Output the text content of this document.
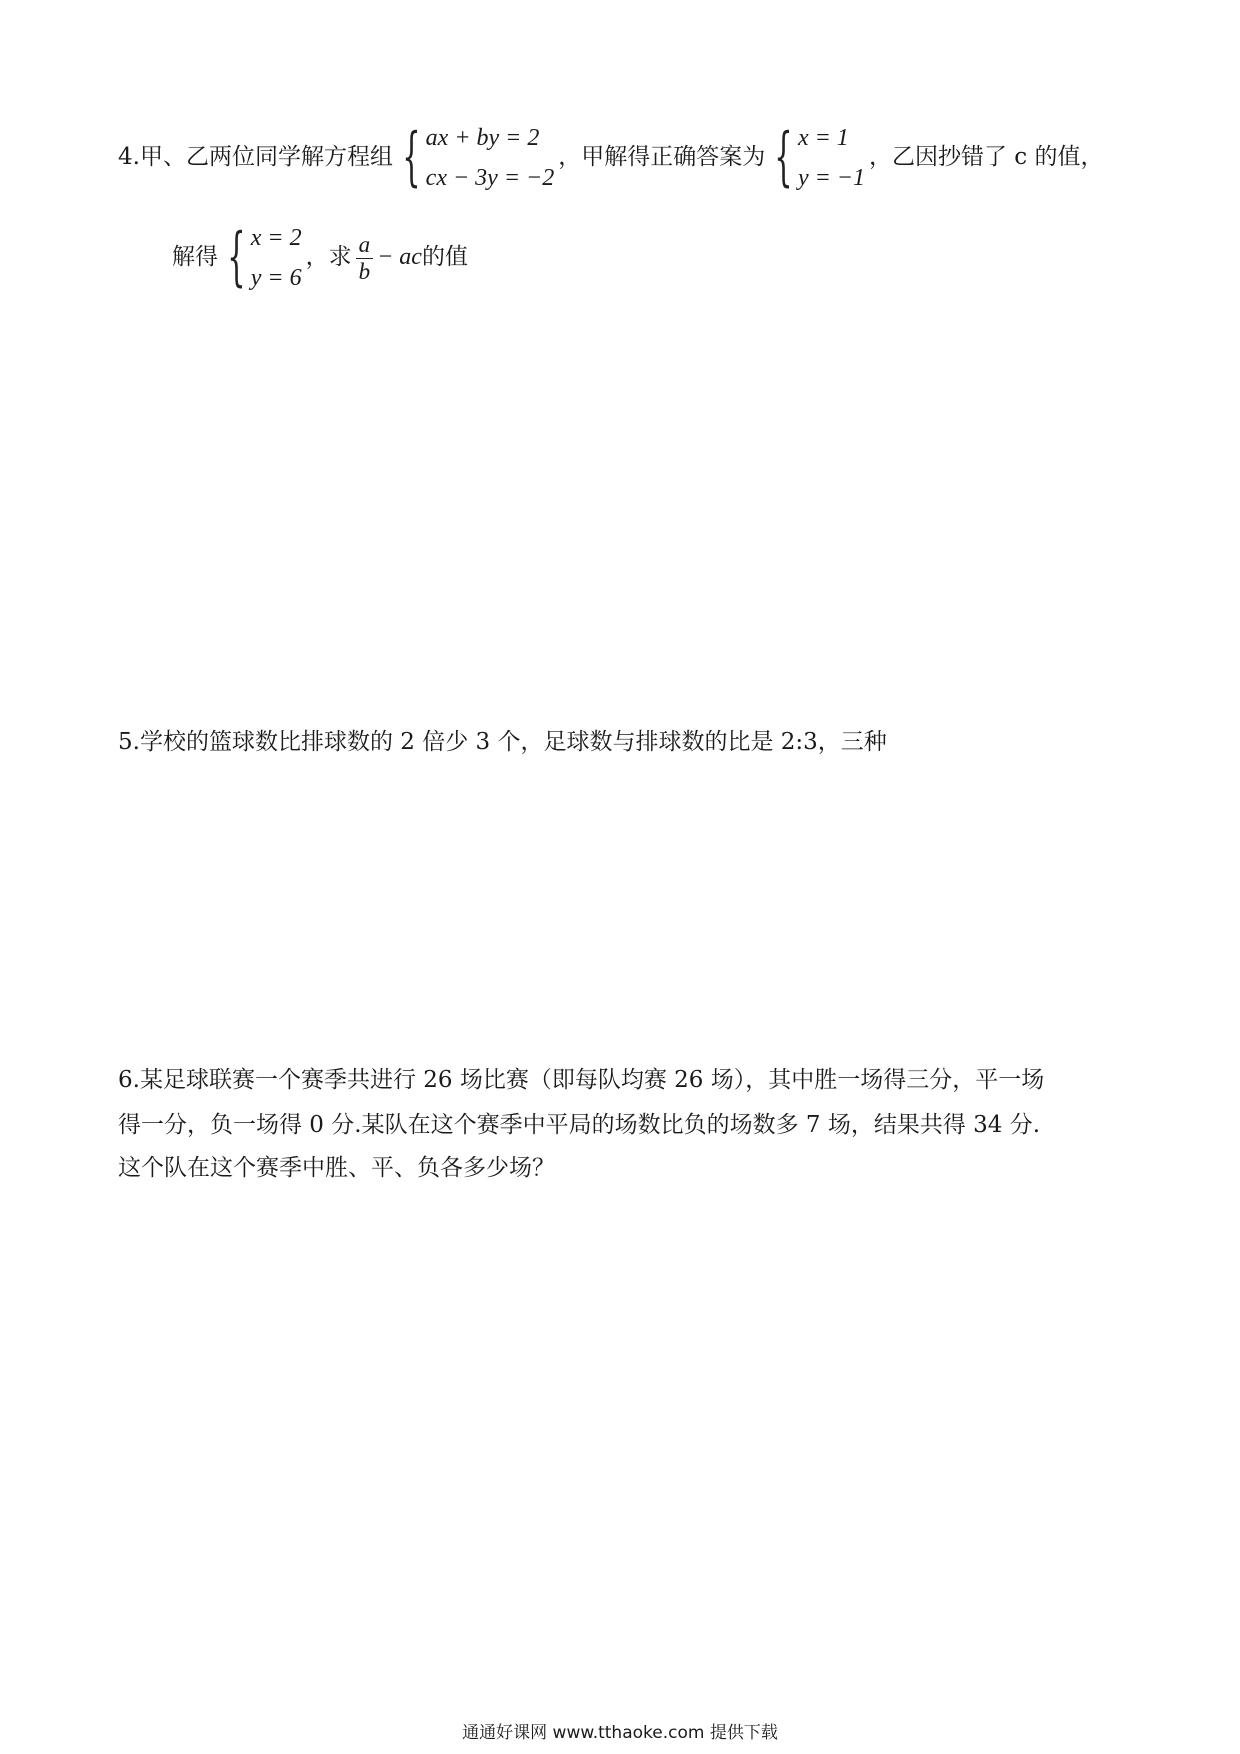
4.甲、乙两位同学解方程组 { ax + by = 2
cx − 3y = −2
，甲解得正确答案为 { x = 1
y = −1
，乙因抄错了 c 的值，
解得 { x = 2
y = 6
，求 $\frac{a}{b}$ − ac 的值
5.学校的篮球数比排球数的 2 倍少 3 个，足球数与排球数的比是 2:3，三种
6.某足球联赛一个赛季共进行 26 场比赛（即每队均赛 26 场），其中胜一场得三分，平一场
得一分，负一场得 0 分.某队在这个赛季中平局的场数比负的场数多 7 场，结果共得 34 分.
这个队在这个赛季中胜、平、负各多少场？
通通好课网 www.tthaoke.com 提供下载
